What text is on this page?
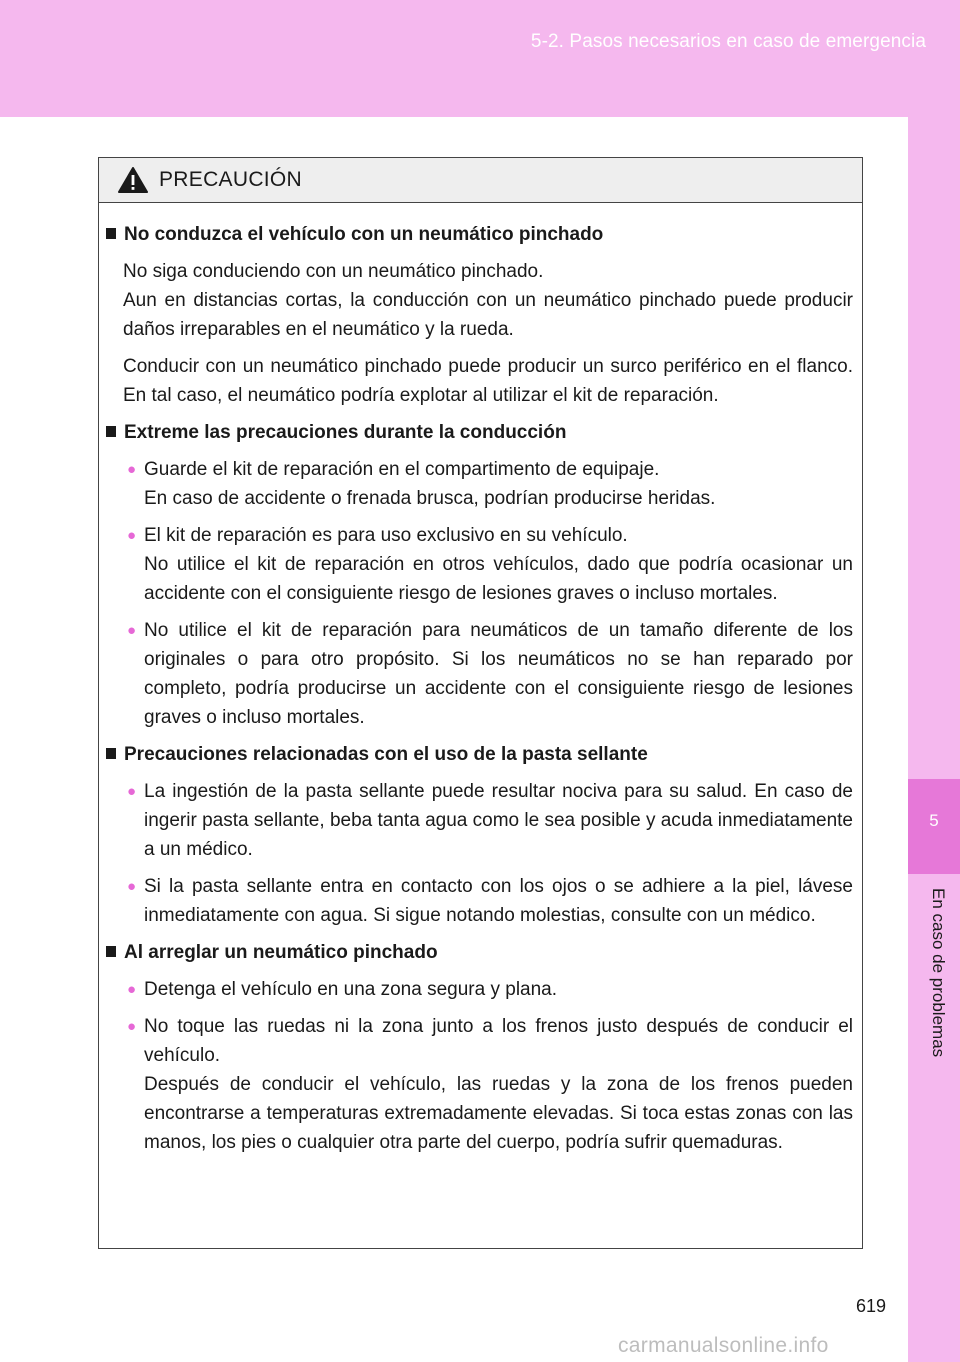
5-2. Pasos necesarios en caso de emergencia
5
En caso de problemas
PRECAUCIÓN
No conduzca el vehículo con un neumático pinchado

No siga conduciendo con un neumático pinchado.

Aun en distancias cortas, la conducción con un neumático pinchado puede producir daños irreparables en el neumático y la rueda.

Conducir con un neumático pinchado puede producir un surco periférico en el flanco. En tal caso, el neumático podría explotar al utilizar el kit de reparación.

Extreme las precauciones durante la conducción
● Guarde el kit de reparación en el compartimento de equipaje.

En caso de accidente o frenada brusca, podrían producirse heridas.

● El kit de reparación es para uso exclusivo en su vehículo.

No utilice el kit de reparación en otros vehículos, dado que podría ocasionar un accidente con el consiguiente riesgo de lesiones graves o incluso mortales.

● No utilice el kit de reparación para neumáticos de un tamaño diferente de los originales o para otro propósito. Si los neumáticos no se han reparado por completo, podría producirse un accidente con el consiguiente riesgo de lesiones graves o incluso mortales.

Precauciones relacionadas con el uso de la pasta sellante
● La ingestión de la pasta sellante puede resultar nociva para su salud. En caso de ingerir pasta sellante, beba tanta agua como le sea posible y acuda inmediatamente a un médico.

● Si la pasta sellante entra en contacto con los ojos o se adhiere a la piel, lávese inmediatamente con agua. Si sigue notando molestias, consulte con un médico.

Al arreglar un neumático pinchado
● Detenga el vehículo en una zona segura y plana.

● No toque las ruedas ni la zona junto a los frenos justo después de conducir el vehículo.

Después de conducir el vehículo, las ruedas y la zona de los frenos pueden encontrarse a temperaturas extremadamente elevadas. Si toca estas zonas con las manos, los pies o cualquier otra parte del cuerpo, podría sufrir quemaduras.

619
carmanualsonline.info
